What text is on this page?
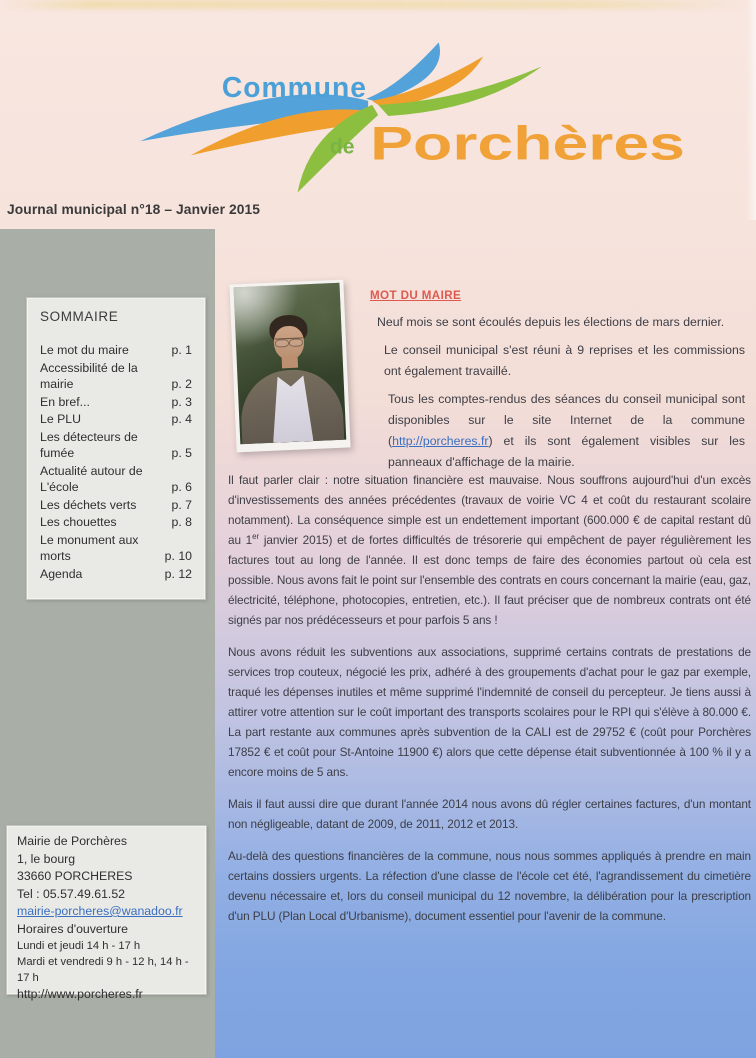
Commune
de Porchères
Journal municipal n°18 – Janvier 2015
SOMMAIRE
Le mot du maire	p. 1
Accessibilité de la mairie	p. 2
En bref...	p. 3
Le PLU	p. 4
Les détecteurs de fumée	p. 5
Actualité autour de L'école	p. 6
Les déchets verts	p. 7
Les chouettes	p. 8
Le monument aux morts	p. 10
Agenda	p. 12
Mairie de Porchères
1, le bourg
33660 PORCHERES
Tel : 05.57.49.61.52
mairie-porcheres@wanadoo.fr
Horaires d'ouverture
Lundi et jeudi 14 h - 17 h
Mardi et vendredi 9 h - 12 h, 14 h - 17 h
http://www.porcheres.fr
MOT DU MAIRE

Neuf mois se sont écoulés depuis les élections de mars dernier.

Le conseil municipal s'est réuni à 9 reprises et les commissions ont également travaillé.

Tous les comptes-rendus des séances du conseil municipal sont disponibles sur le site Internet de la commune (http://porcheres.fr) et ils sont également visibles sur les panneaux d'affichage de la mairie.

Il faut parler clair : notre situation financière est mauvaise. Nous souffrons aujourd'hui d'un excès d'investissements des années précédentes (travaux de voirie VC 4 et coût du restaurant scolaire notamment). La conséquence simple est un endettement important (600.000 € de capital restant dû au 1er janvier 2015) et de fortes difficultés de trésorerie qui empêchent de payer régulièrement les factures tout au long de l'année. Il est donc temps de faire des économies partout où cela est possible. Nous avons fait le point sur l'ensemble des contrats en cours concernant la mairie (eau, gaz, électricité, téléphone, photocopies, entretien, etc.). Il faut préciser que de nombreux contrats ont été signés par nos prédécesseurs et pour parfois 5 ans !

Nous avons réduit les subventions aux associations, supprimé certains contrats de prestations de services trop couteux, négocié les prix, adhéré à des groupements d'achat pour le gaz par exemple, traqué les dépenses inutiles et même supprimé l'indemnité de conseil du percepteur. Je tiens aussi à attirer votre attention sur le coût important des transports scolaires pour le RPI qui s'élève à 80.000 €. La part restante aux communes après subvention de la CALI est de 29752 € (coût pour Porchères 17852 € et coût pour St-Antoine 11900 €) alors que cette dépense était subventionnée à 100 % il y a encore moins de 5 ans.

Mais il faut aussi dire que durant l'année 2014 nous avons dû régler certaines factures, d'un montant non négligeable, datant de 2009, de 2011, 2012 et 2013.

Au-delà des questions financières de la commune, nous nous sommes appliqués à prendre en main certains dossiers urgents. La réfection d'une classe de l'école cet été, l'agrandissement du cimetière devenu nécessaire et, lors du conseil municipal du 12 novembre, la délibération pour la prescription d'un PLU (Plan Local d'Urbanisme), document essentiel pour l'avenir de la commune.
